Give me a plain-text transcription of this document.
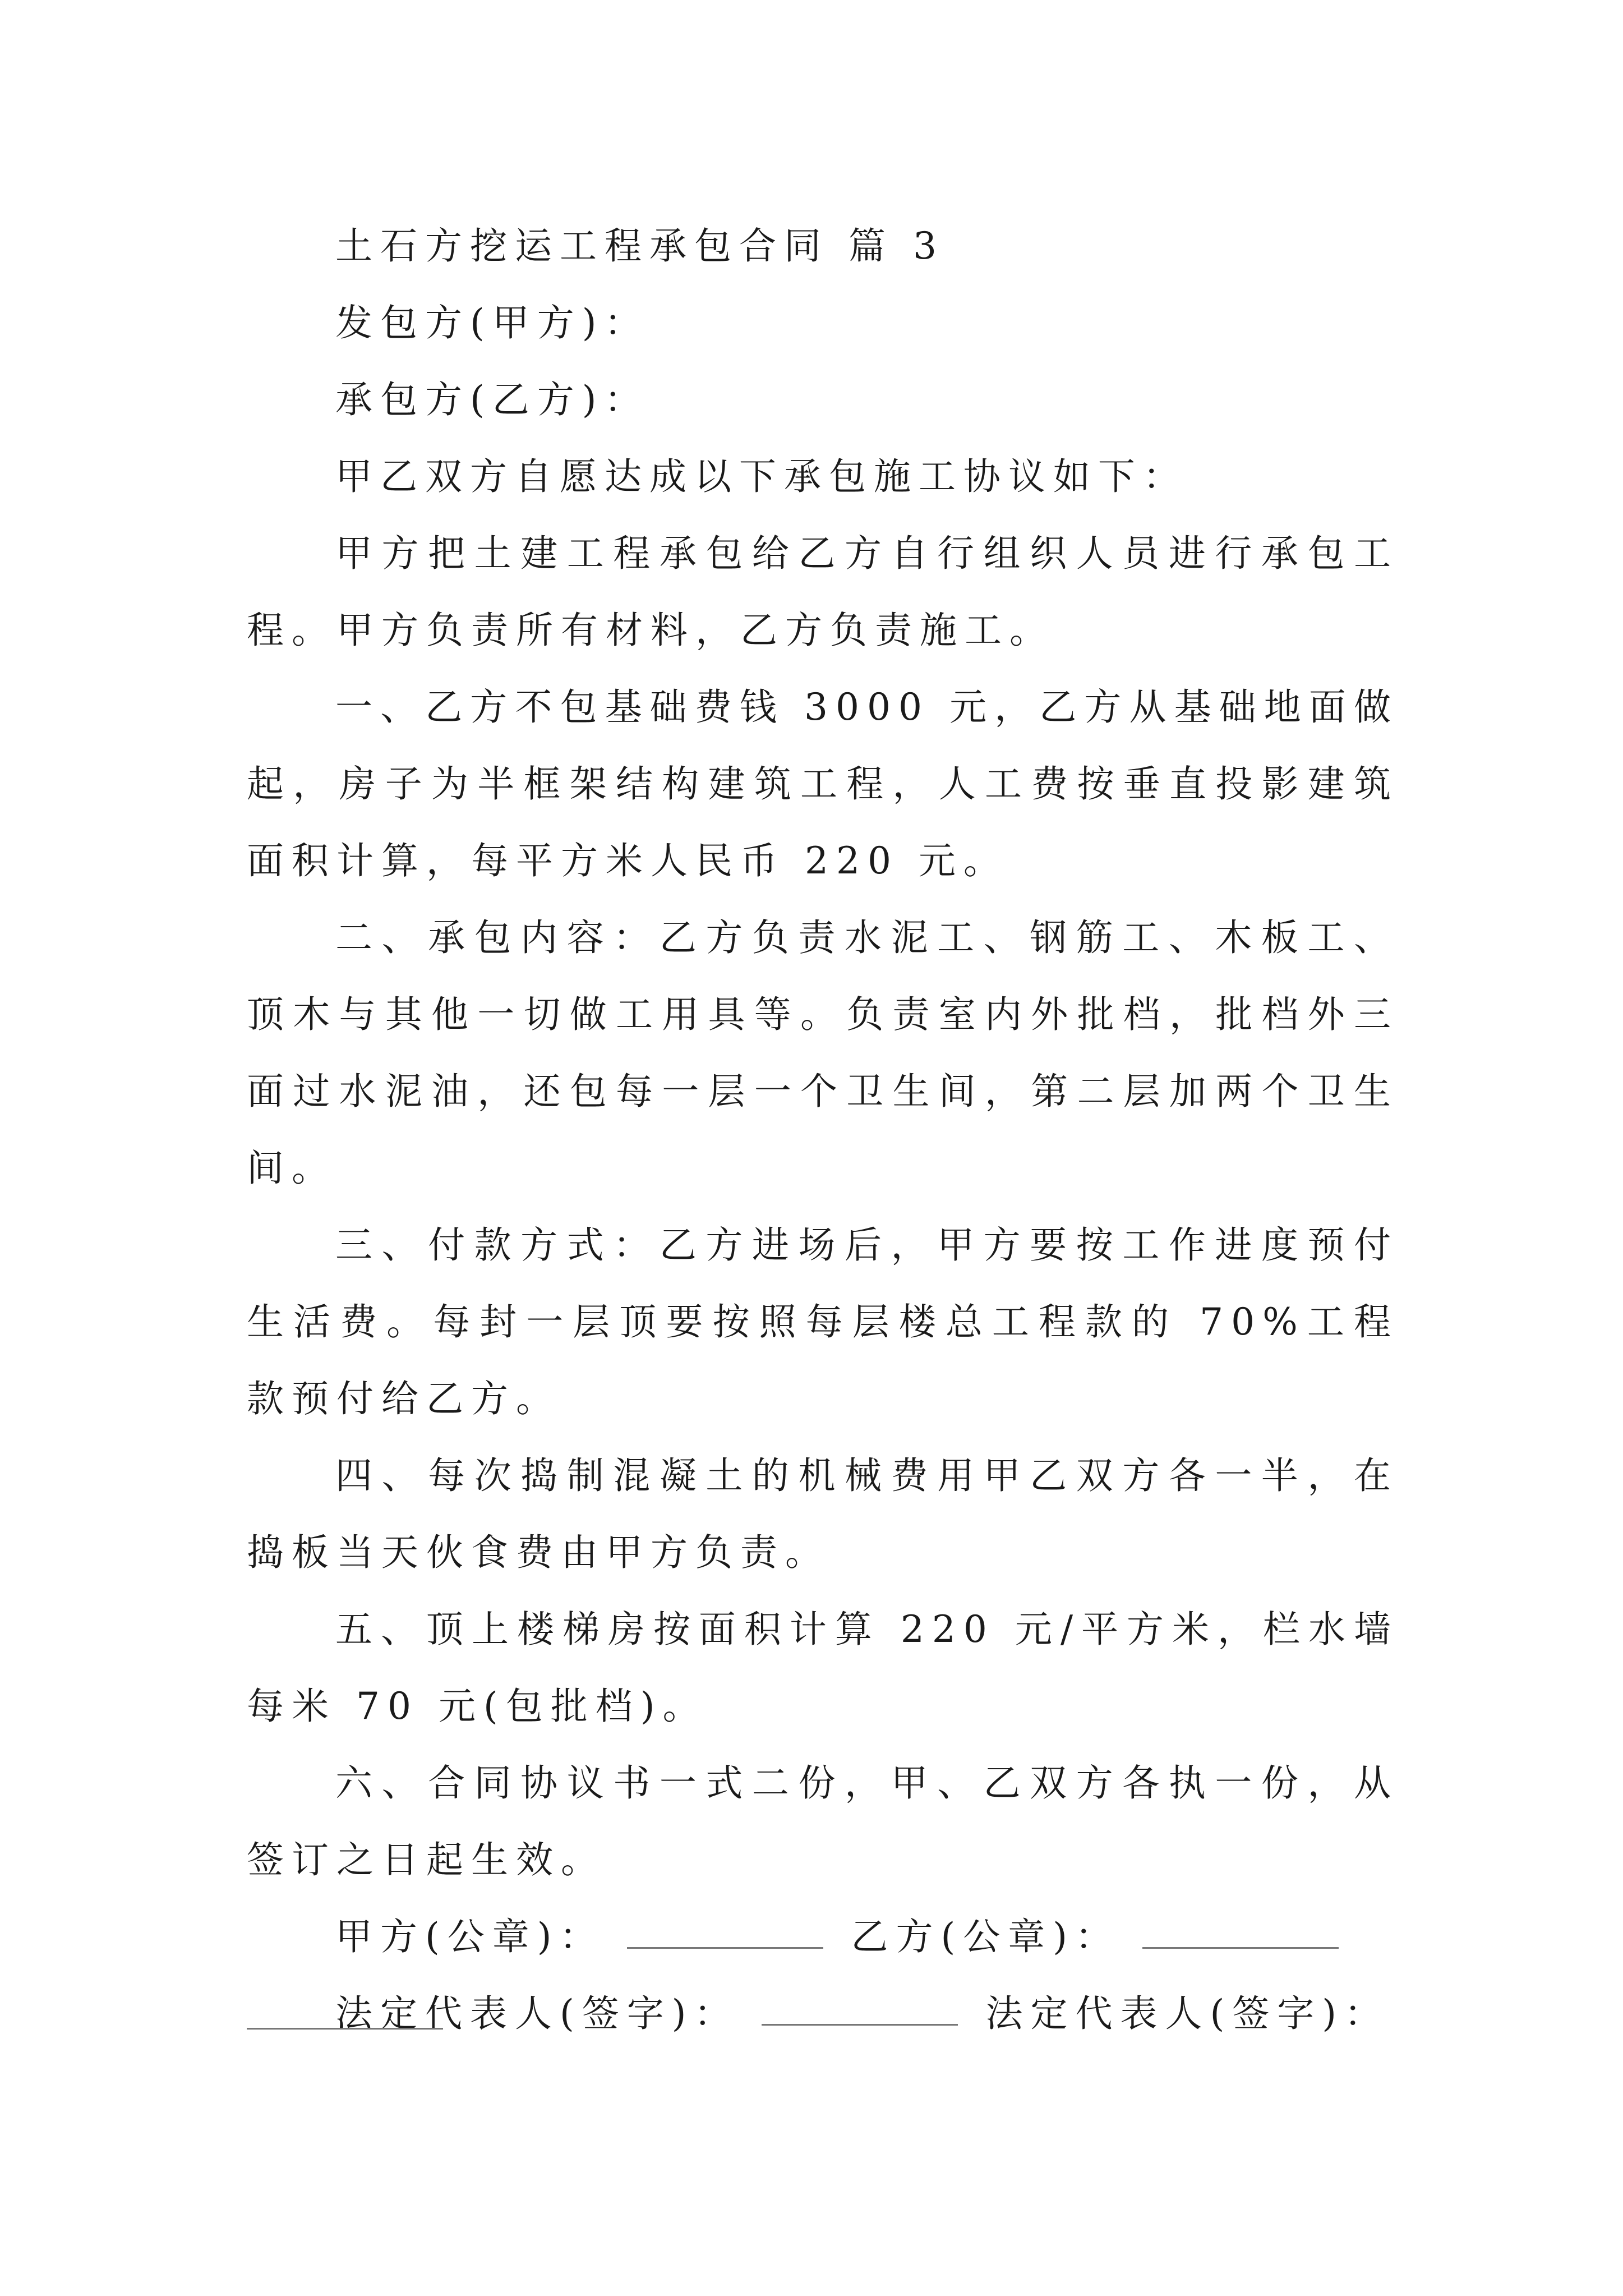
土石方挖运工程承包合同 篇 3
发包方(甲方)：
承包方(乙方)：
甲乙双方自愿达成以下承包施工协议如下：

甲方把土建工程承包给乙方自行组织人员进行承包工程。甲方负责所有材料，乙方负责施工。

一、乙方不包基础费钱 3000 元，乙方从基础地面做起，房子为半框架结构建筑工程，人工费按垂直投影建筑面积计算，每平方米人民币 220 元。

二、承包内容：乙方负责水泥工、钢筋工、木板工、顶木与其他一切做工用具等。负责室内外批档，批档外三面过水泥油，还包每一层一个卫生间，第二层加两个卫生间。

三、付款方式：乙方进场后，甲方要按工作进度预付生活费。每封一层顶要按照每层楼总工程款的 70%工程款预付给乙方。

四、每次捣制混凝土的机械费用甲乙双方各一半，在捣板当天伙食费由甲方负责。

五、顶上楼梯房按面积计算 220 元/平方米，栏水墙每米 70 元(包批档)。

六、合同协议书一式二份，甲、乙双方各执一份，从签订之日起生效。

甲方(公章)：	乙方(公章)：
法定代表人(签字)：	法定代表人(签字)：
